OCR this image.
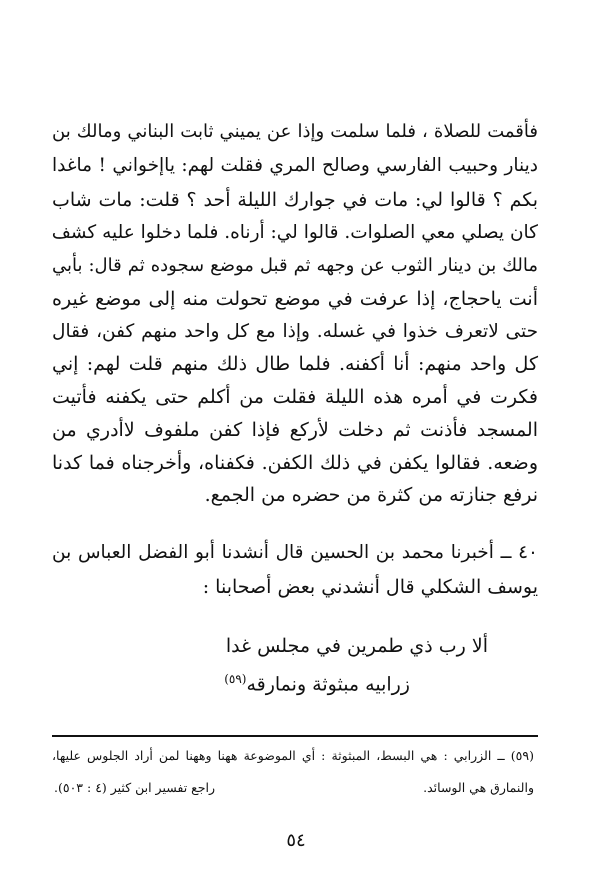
فأقمت للصلاة ، فلما سلمت وإذا عن يميني ثابت البناني ومالك بن
دينار وحبيب الفارسي وصالح المري فقلت لهم: ياإخواني ! ماغدا
بكم ؟ قالوا لي: مات في جوارك الليلة أحد ؟ قلت: مات شاب
كان يصلي معي الصلوات. قالوا لي: أرناه. فلما دخلوا عليه كشف
مالك بن دينار الثوب عن وجهه ثم قبل موضع سجوده ثم قال: بأبي
أنت ياحجاج، إذا عرفت في موضع تحولت منه إلى موضع غيره
حتى لاتعرف خذوا في غسله. وإذا مع كل واحد منهم كفن، فقال
كل واحد منهم: أنا أكفنه. فلما طال ذلك منهم قلت لهم: إني
فكرت في أمره هذه الليلة فقلت من أكلم حتى يكفنه فأتيت
المسجد فأذنت ثم دخلت لأركع فإذا كفن ملفوف لاأدري من
وضعه. فقالوا يكفن في ذلك الكفن. فكفناه، وأخرجناه فما كدنا
نرفع جنازته من كثرة من حضره من الجمع.
٤٠ ــ أخبرنا محمد بن الحسين قال أنشدنا أبو الفضل العباس بن
يوسف الشكلي قال أنشدني بعض أصحابنا :
ألا رب ذي طمرين في مجلس غدا
زرابيه مبثوثة ونمارقه$^{(٥٩)}$
(٥٩) ــ الزرابي : هي البسط، المبثوثة : أي الموضوعة ههنا وههنا لمن أراد الجلوس عليها،
والنمارق هي الوسائد.
راجع تفسير ابن كثير (٤ : ٥٠٣).
٥٤
